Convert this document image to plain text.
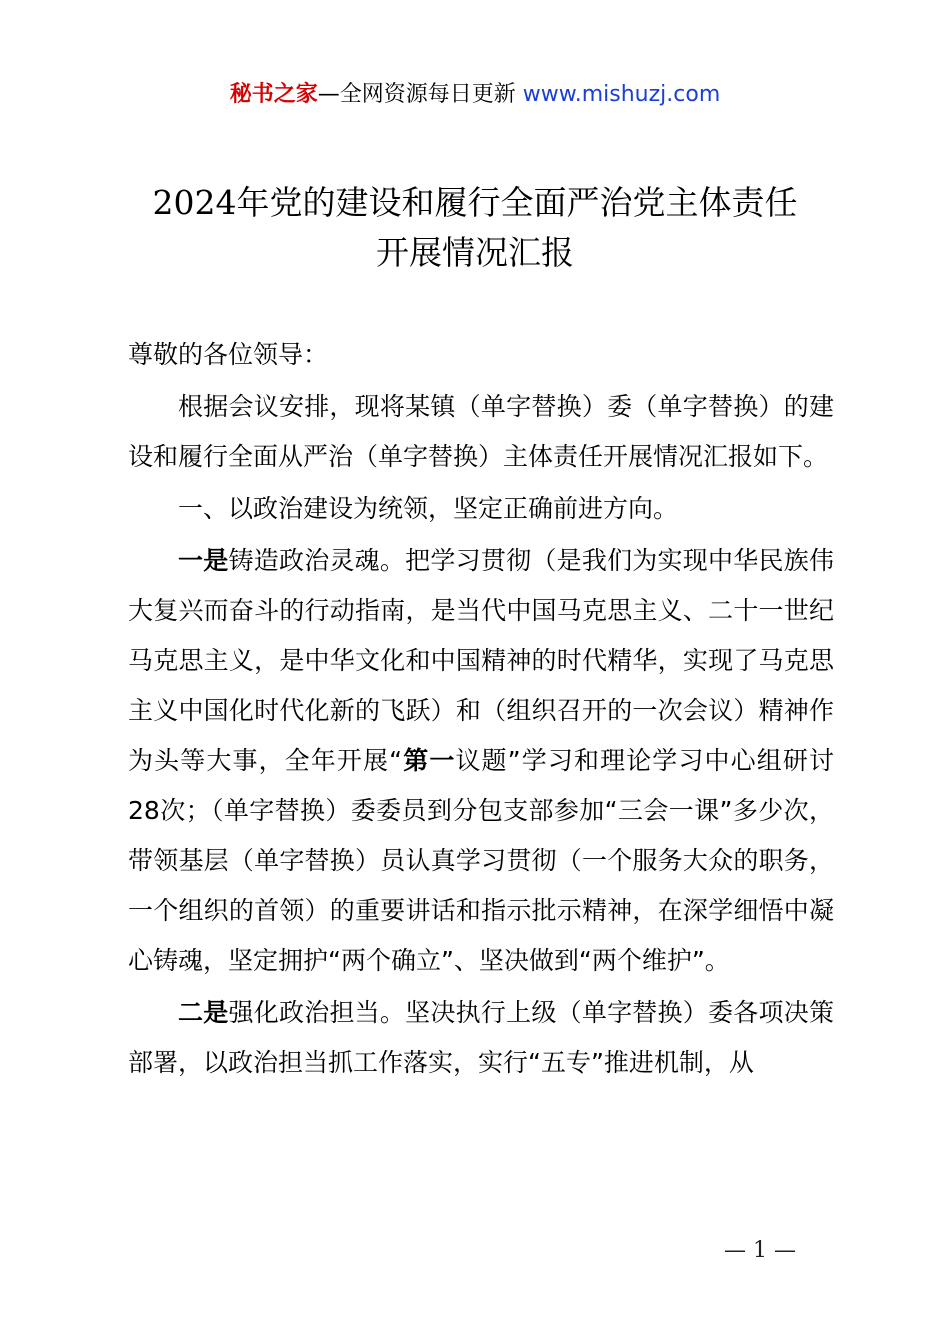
秘书之家—全网资源每日更新 www.mishuzj.com
2024年党的建设和履行全面严治党主体责任
开展情况汇报

尊敬的各位领导：

根据会议安排，现将某镇（单字替换）委（单字替换）的建设和履行全面从严治（单字替换）主体责任开展情况汇报如下。

一、以政治建设为统领，坚定正确前进方向。

一是铸造政治灵魂。把学习贯彻（是我们为实现中华民族伟大复兴而奋斗的行动指南，是当代中国马克思主义、二十一世纪马克思主义，是中华文化和中国精神的时代精华，实现了马克思主义中国化时代化新的飞跃）和（组织召开的一次会议）精神作为头等大事，全年开展“第一议题”学习和理论学习中心组研讨28次；（单字替换）委委员到分包支部参加“三会一课”多少次，带领基层（单字替换）员认真学习贯彻（一个服务大众的职务，一个组织的首领）的重要讲话和指示批示精神，在深学细悟中凝心铸魂，坚定拥护“两个确立”、坚决做到“两个维护”。

二是强化政治担当。坚决执行上级（单字替换）委各项决策部署，以政治担当抓工作落实，实行“五专”推进机制，从

— 1 —
